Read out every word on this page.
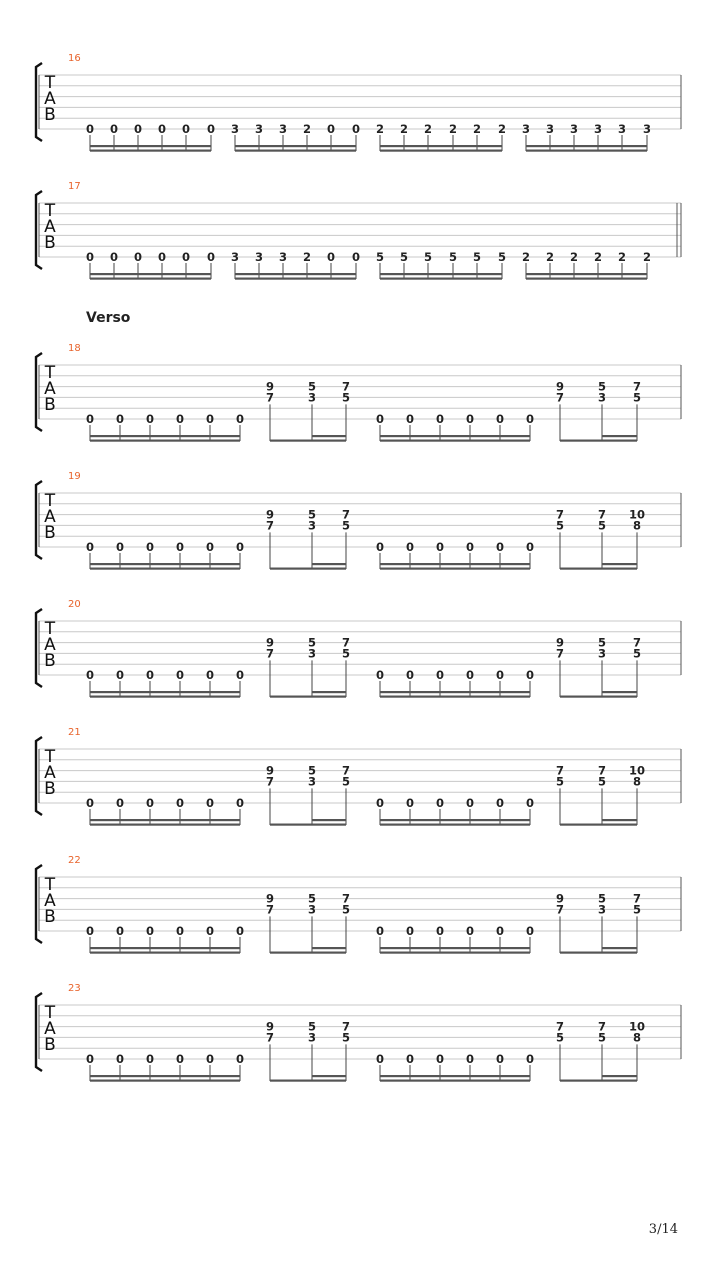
Verso
16
T
A
B
0 0 0 0 0 0 3 3 3 2 0 0 2 2 2 2 2 2 3 3 3 3 3 3
17
T
A
B
0 0 0 0 0 0 3 3 3 2 0 0 5 5 5 5 5 5 2 2 2 2 2 2
18
T
A
B
0 0 0 0 0 0
9
7
5
3
7
5
0 0 0 0 0 0
9
7
5
3
7
5
19
T
A
B
0 0 0 0 0 0
9
7
5
3
7
5
0 0 0 0 0 0
7
5
7
5
10
8
20
T
A
B
0 0 0 0 0 0
9
7
5
3
7
5
0 0 0 0 0 0
9
7
5
3
7
5
21
T
A
B
0 0 0 0 0 0
9
7
5
3
7
5
0 0 0 0 0 0
7
5
7
5
10
8
22
T
A
B
0 0 0 0 0 0
9
7
5
3
7
5
0 0 0 0 0 0
9
7
5
3
7
5
23
T
A
B
0 0 0 0 0 0
9
7
5
3
7
5
0 0 0 0 0 0
7
5
7
5
10
8
3/14
